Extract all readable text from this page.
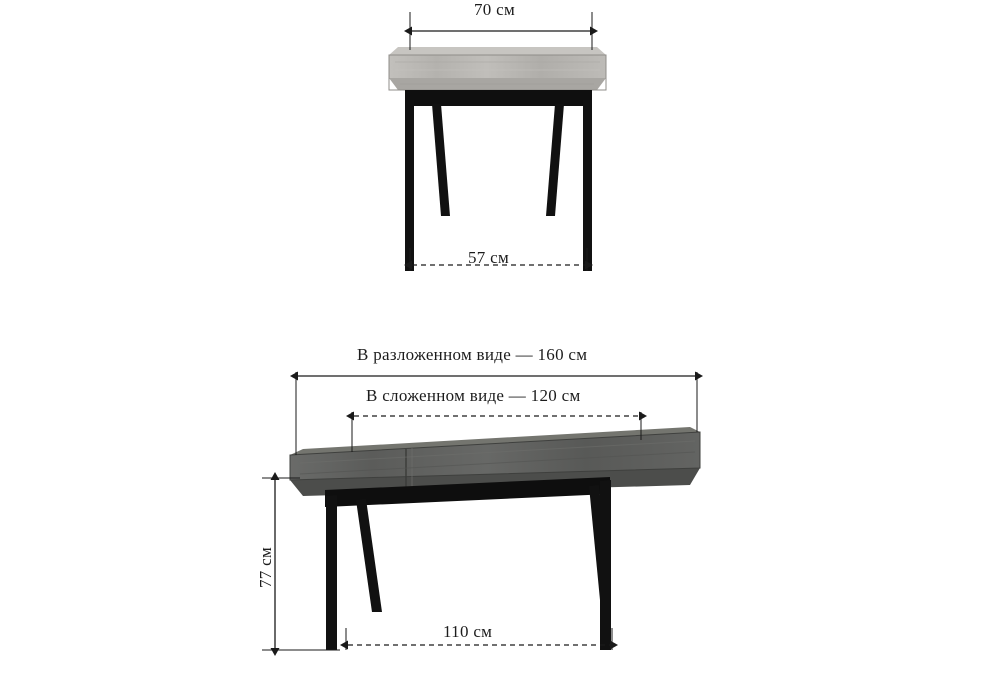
70 см
57 см
В разложенном виде — 160 см
В сложенном виде — 120 см
77 см
110 см
